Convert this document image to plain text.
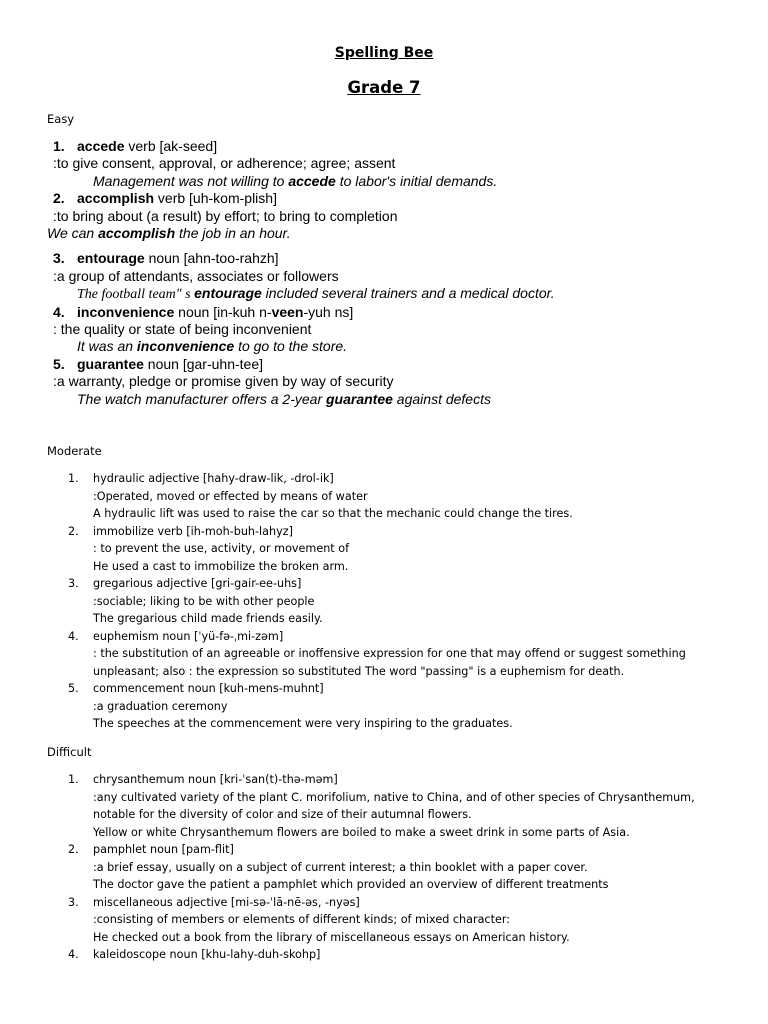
Spelling Bee
Grade 7
Easy
1. accede verb [ak-seed]
:to give consent, approval, or adherence; agree; assent
Management was not willing to accede to labor's initial demands.
2. accomplish verb [uh-kom-plish]
:to bring about (a result) by effort; to bring to completion
We can accomplish the job in an hour.
3. entourage noun [ahn-too-rahzh]
:a group of attendants, associates or followers
The football teamʺ s entourage included several trainers and a medical doctor.
4. inconvenience noun [in-kuh n-veen-yuh ns]
: the quality or state of being inconvenient
It was an inconvenience to go to the store.
5. guarantee noun [gar-uhn-tee]
:a warranty, pledge or promise given by way of security
The watch manufacturer offers a 2-year guarantee against defects
Moderate
1. hydraulic adjective [hahy-draw-lik, -drol-ik]
:Operated, moved or effected by means of water
A hydraulic lift was used to raise the car so that the mechanic could change the tires.
2. immobilize verb [ih-moh-buh-lahyz]
: to prevent the use, activity, or movement of
He used a cast to immobilize the broken arm.
3. gregarious adjective [gri-gair-ee-uhs]
:sociable; liking to be with other people
The gregarious child made friends easily.
4. euphemism noun [ˈyü-fə-ˌmi-zəm]
: the substitution of an agreeable or inoffensive expression for one that may offend or suggest something
unpleasant; also : the expression so substituted The word "passing" is a euphemism for death.
5. commencement noun [kuh-mens-muhnt]
:a graduation ceremony
The speeches at the commencement were very inspiring to the graduates.
Difficult
1. chrysanthemum noun [kri-ˈsan(t)-thə-məm]
:any cultivated variety of the plant C. morifolium, native to China, and of other species of Chrysanthemum,
notable for the diversity of color and size of their autumnal flowers.
Yellow or white Chrysanthemum flowers are boiled to make a sweet drink in some parts of Asia.
2. pamphlet noun [pam-flit]
:a brief essay, usually on a subject of current interest; a thin booklet with a paper cover.
The doctor gave the patient a pamphlet which provided an overview of different treatments
3. miscellaneous adjective [mi-sə-ˈlā-nē-əs, -nyəs]
:consisting of members or elements of different kinds; of mixed character:
He checked out a book from the library of miscellaneous essays on American history.
4. kaleidoscope noun [khu-lahy-duh-skohp]
